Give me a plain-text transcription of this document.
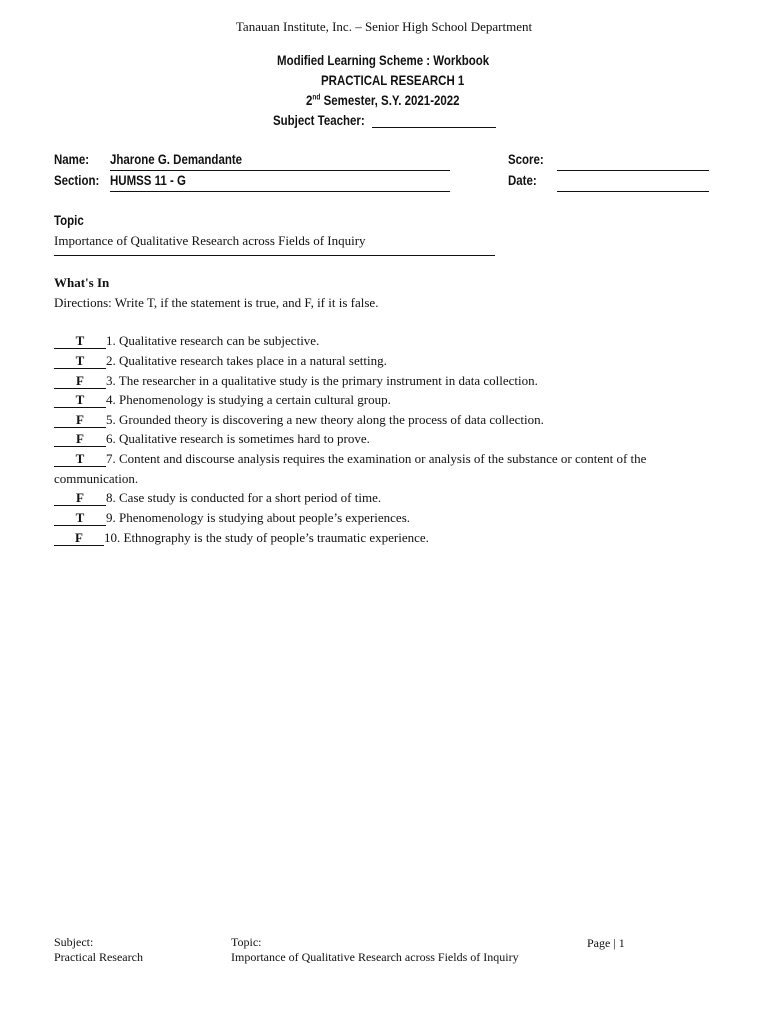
Tanauan Institute, Inc. – Senior High School Department
Modified Learning Scheme : Workbook
PRACTICAL RESEARCH 1
2nd Semester, S.Y. 2021-2022
Subject Teacher:
Name: Jharone G. Demandante
Section: HUMSS 11 - G
Score:
Date:
Topic
Importance of Qualitative Research across Fields of Inquiry
What's In
Directions: Write T, if the statement is true, and F, if it is false.
T 1. Qualitative research can be subjective.
T 2. Qualitative research takes place in a natural setting.
F 3. The researcher in a qualitative study is the primary instrument in data collection.
T 4. Phenomenology is studying a certain cultural group.
F 5. Grounded theory is discovering a new theory along the process of data collection.
F 6. Qualitative research is sometimes hard to prove.
T 7. Content and discourse analysis requires the examination or analysis of the substance or content of the
communication.
F 8. Case study is conducted for a short period of time.
T 9. Phenomenology is studying about people’s experiences.
F 10. Ethnography is the study of people’s traumatic experience.
Subject:
Practical Research
Topic:
Importance of Qualitative Research across Fields of Inquiry
Page | 1
